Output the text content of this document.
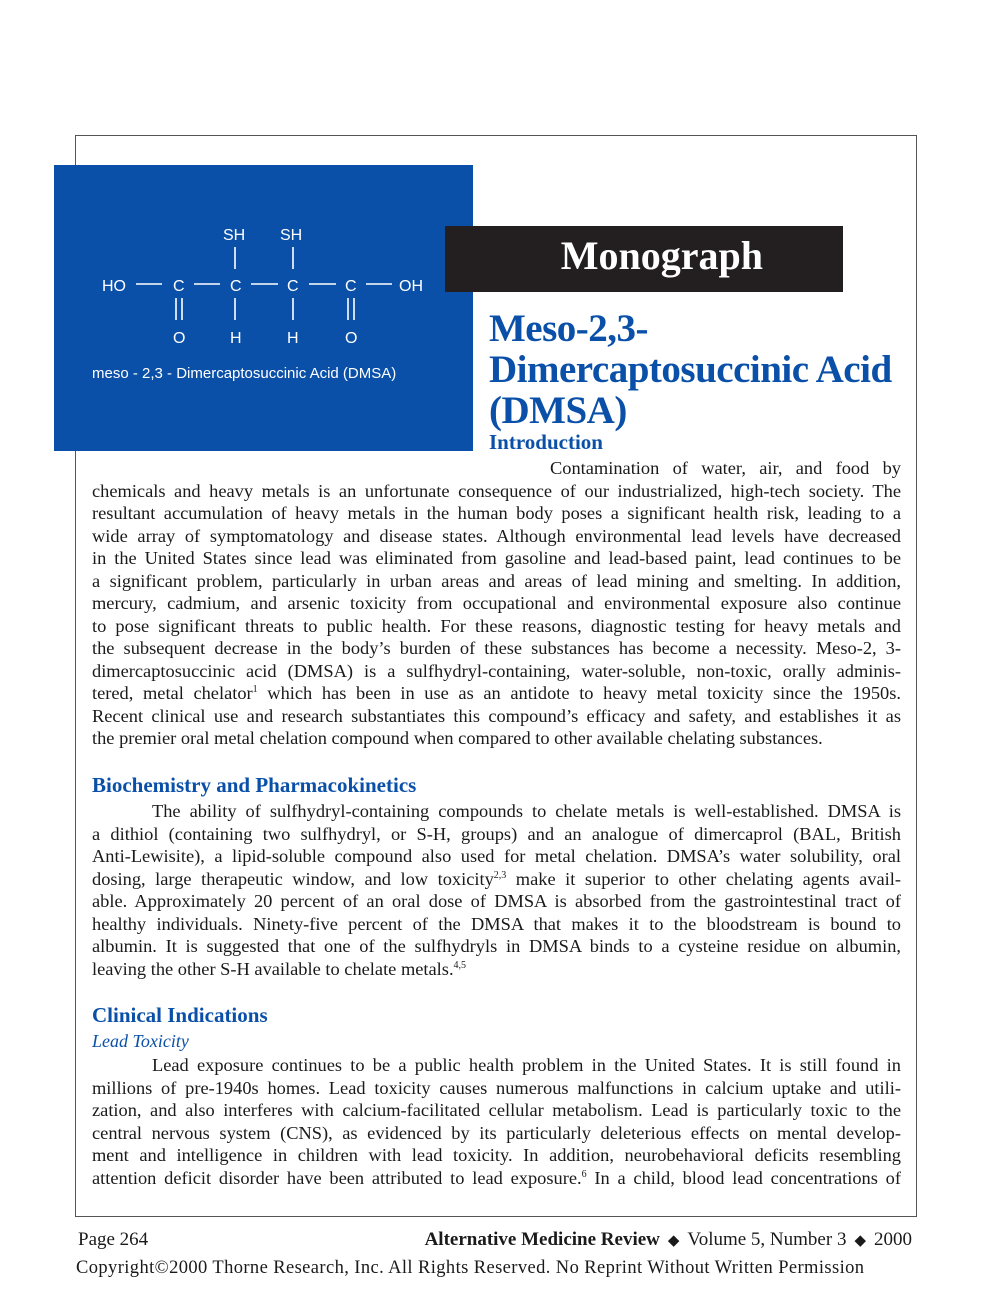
SH SH
HO	C	C	C	C	OH
O	H	H	O
meso - 2,3 - Dimercaptosuccinic Acid (DMSA)
Monograph
Meso-2,3-
Dimercaptosuccinic Acid
(DMSA)
Introduction
Contamination of water, air, and food by
chemicals and heavy metals is an unfortunate consequence of our industrialized, high-tech society. The
resultant accumulation of heavy metals in the human body poses a significant health risk, leading to a
wide array of symptomatology and disease states. Although environmental lead levels have decreased
in the United States since lead was eliminated from gasoline and lead-based paint, lead continues to be
a significant problem, particularly in urban areas and areas of lead mining and smelting. In addition,
mercury, cadmium, and arsenic toxicity from occupational and environmental exposure also continue
to pose significant threats to public health. For these reasons, diagnostic testing for heavy metals and
the subsequent decrease in the body’s burden of these substances has become a necessity. Meso-2, 3-
dimercaptosuccinic acid (DMSA) is a sulfhydryl-containing, water-soluble, non-toxic, orally adminis-
tered, metal chelator$^1$ which has been in use as an antidote to heavy metal toxicity since the 1950s.
Recent clinical use and research substantiates this compound’s efficacy and safety, and establishes it as
the premier oral metal chelation compound when compared to other available chelating substances.
Biochemistry and Pharmacokinetics
The ability of sulfhydryl-containing compounds to chelate metals is well-established. DMSA is
a dithiol (containing two sulfhydryl, or S-H, groups) and an analogue of dimercaprol (BAL, British
Anti-Lewisite), a lipid-soluble compound also used for metal chelation. DMSA’s water solubility, oral
dosing, large therapeutic window, and low toxicity$^{2,3}$ make it superior to other chelating agents avail-
able. Approximately 20 percent of an oral dose of DMSA is absorbed from the gastrointestinal tract of
healthy individuals. Ninety-five percent of the DMSA that makes it to the bloodstream is bound to
albumin. It is suggested that one of the sulfhydryls in DMSA binds to a cysteine residue on albumin,
leaving the other S-H available to chelate metals.$^{4,5}$
Clinical Indications
Lead Toxicity
Lead exposure continues to be a public health problem in the United States. It is still found in
millions of pre-1940s homes. Lead toxicity causes numerous malfunctions in calcium uptake and utili-
zation, and also interferes with calcium-facilitated cellular metabolism. Lead is particularly toxic to the
central nervous system (CNS), as evidenced by its particularly deleterious effects on mental develop-
ment and intelligence in children with lead toxicity. In addition, neurobehavioral deficits resembling
attention deficit disorder have been attributed to lead exposure.$^6$ In a child, blood lead concentrations of
Page 264	Alternative Medicine Review ◆ Volume 5, Number 3 ◆ 2000
Copyright©2000 Thorne Research, Inc. All Rights Reserved. No Reprint Without Written Permission
